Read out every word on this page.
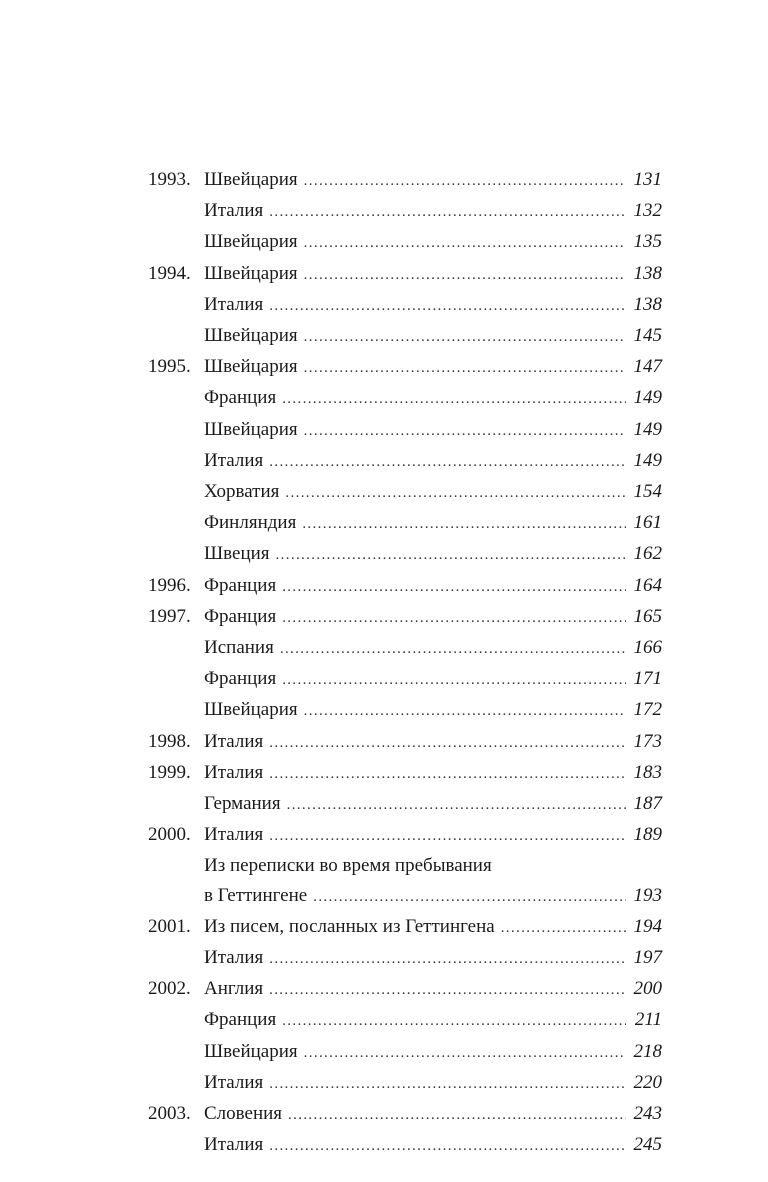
1993. Швейцария . . .	131
Италия . . .	132
Швейцария . . .	135
1994. Швейцария . . .	138
Италия . . .	138
Швейцария . . .	145
1995. Швейцария . . .	147
Франция . . .	149
Швейцария . . .	149
Италия . . .	149
Хорватия . . .	154
Финляндия . . .	161
Швеция . . .	162
1996. Франция . . .	164
1997. Франция . . .	165
Испания . . .	166
Франция . . .	171
Швейцария . . .	172
1998. Италия . . .	173
1999. Италия . . .	183
Германия . . .	187
2000. Италия . . .	189
Из переписки во время пребывания
в Геттингене . . .	193
2001. Из писем, посланных из Геттингена . . .	194
Италия . . .	197
2002. Англия . . .	200
Франция . . .	211
Швейцария . . .	218
Италия . . .	220
2003. Словения . . .	243
Италия . . .	245
